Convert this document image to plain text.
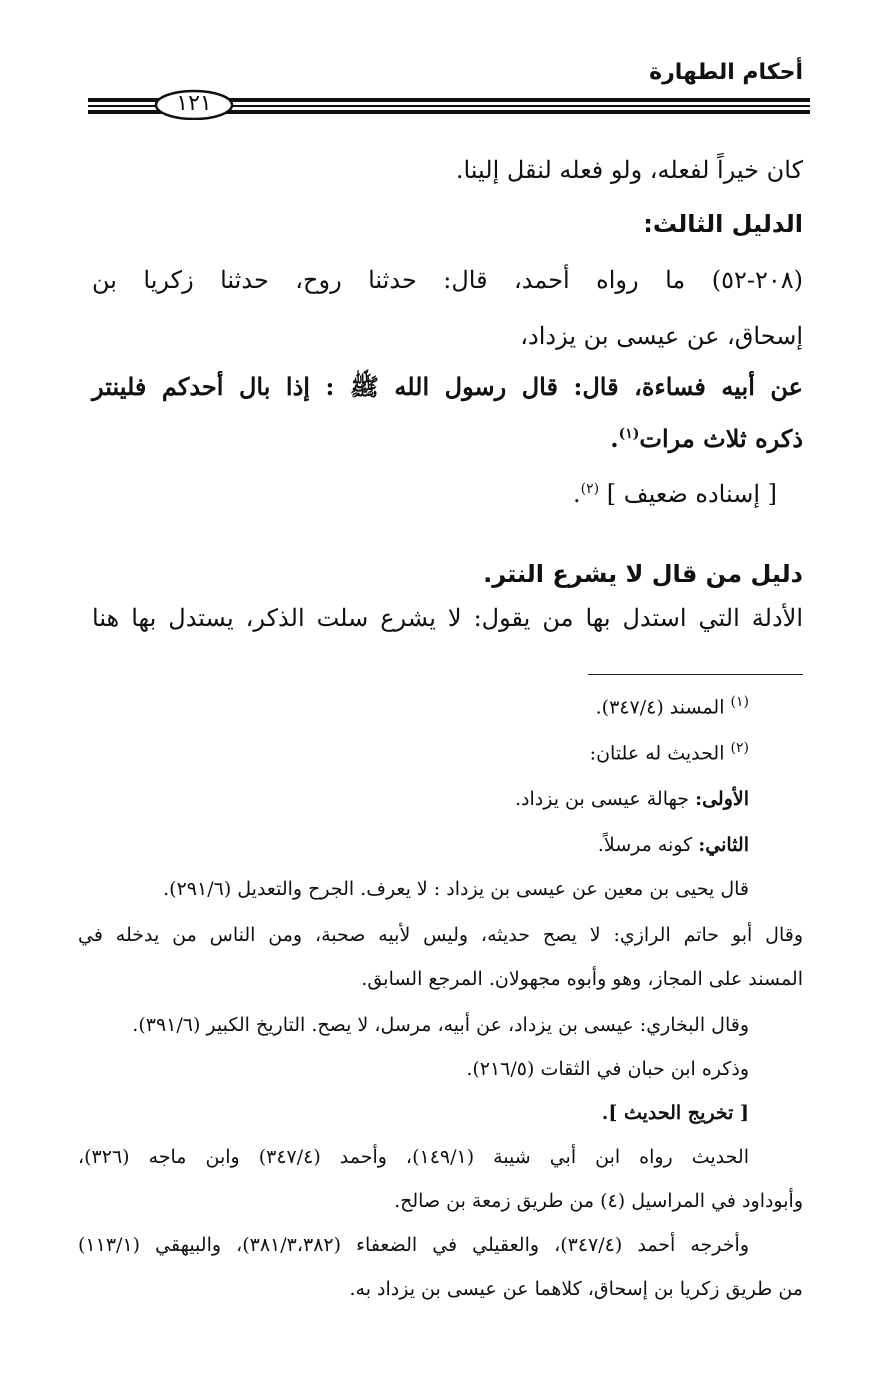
أحكام الطهارة
١٢١
كان خيراً لفعله، ولو فعله لنقل إلينا.
الدليل الثالث:
(٢٠٨-٥٢) ما رواه أحمد، قال: حدثنا روح، حدثنا زكريا بن
إسحاق، عن عيسى بن يزداد،
عن أبيه فساءة، قال: قال رسول الله ﷺ : إذا بال أحدكم فلينتر
ذكره ثلاث مرات$^{(١)}$.
[ إسناده ضعيف ] $^{(٢)}$.
دليل من قال لا يشرع النتر.
الأدلة التي استدل بها من يقول: لا يشرع سلت الذكر، يستدل بها هنا
$^{(١)}$ المسند (٣٤٧/٤).
$^{(٢)}$ الحديث له علتان:
الأولى: جهالة عيسى بن يزداد.
الثاني: كونه مرسلاً.
قال يحيى بن معين عن عيسى بن يزداد : لا يعرف. الجرح والتعديل (٢٩١/٦).
وقال أبو حاتم الرازي: لا يصح حديثه، وليس لأبيه صحبة، ومن الناس من يدخله في
المسند على المجاز، وهو وأبوه مجهولان. المرجع السابق.
وقال البخاري: عيسى بن يزداد، عن أبيه، مرسل، لا يصح. التاريخ الكبير (٣٩١/٦).
وذكره ابن حبان في الثقات (٢١٦/٥).
[ تخريج الحديث ].
الحديث رواه ابن أبي شيبة (١٤٩/١)، وأحمد (٣٤٧/٤) وابن ماجه (٣٢٦)،
وأبوداود في المراسيل (٤) من طريق زمعة بن صالح.
وأخرجه أحمد (٣٤٧/٤)، والعقيلي في الضعفاء (٣٨١/٣،٣٨٢)، والبيهقي (١١٣/١)
من طريق زكريا بن إسحاق، كلاهما عن عيسى بن يزداد به.
